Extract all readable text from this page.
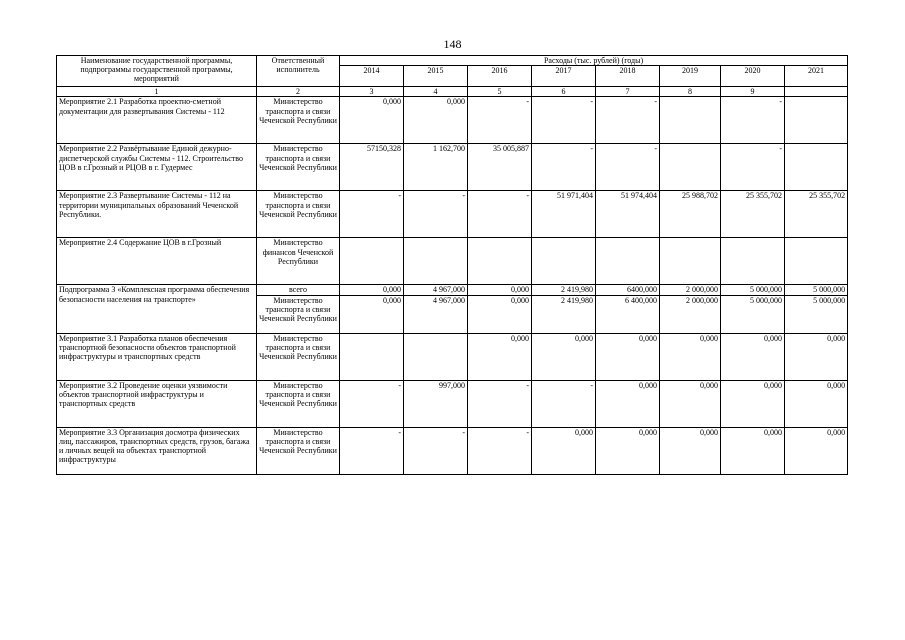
148
Наименование государственной программы, подпрограммы государственной программы, мероприятий	Ответственный исполнитель	Расходы (тыс. рублей) (годы)							
		2014	2015	2016	2017	2018	2019	2020	2021
1	2	3	4	5	6	7	8	9	
Мероприятие 2.1 Разработка проектно-сметной документации для развертывания Системы - 112	Министерство транспорта и связи Чеченской Республики	0,000	0,000	-	-	-		-	
Мероприятие 2.2 Развёртывание Единой дежурно-диспетчерской службы Системы - 112. Строительство ЦОВ в г.Грозный и РЦОВ в г. Гудермес	Министерство транспорта и связи Чеченской Республики	57150,328	1 162,700	35 005,887	-	-		-	
Мероприятие 2.3 Развертывание Системы - 112 на территории муниципальных образований Чеченской Республики.	Министерство транспорта и связи Чеченской Республики	-	-	-	51 971,404	51 974,404	25 988,702	25 355,702	25 355,702
Мероприятие 2.4 Содержание ЦОВ в г.Грозный	Министерство финансов Чеченской Республики								
Подпрограмма 3 «Комплексная программа обеспечения безопасности населения на транспорте»	всего	0,000	4 967,000	0,000	2 419,980	6400,000	2 000,000	5 000,000	5 000,000
	Министерство транспорта и связи Чеченской Республики	0,000	4 967,000	0,000	2 419,980	6 400,000	2 000,000	5 000,000	5 000,000
Мероприятие 3.1 Разработка планов обеспечения транспортной безопасности объектов транспортной инфраструктуры и транспортных средств	Министерство транспорта и связи Чеченской Республики			0,000	0,000	0,000	0,000	0,000	0,000
Мероприятие 3.2 Проведение оценки уязвимости объектов транспортной инфраструктуры и транспортных средств	Министерство транспорта и связи Чеченской Республики	-	997,000	-	-	0,000	0,000	0,000	0,000
Мероприятие 3.3 Организация досмотра физических лиц, пассажиров, транспортных средств, грузов, багажа и личных вещей на объектах транспортной инфраструктуры	Министерство транспорта и связи Чеченской Республики	-	-	-	0,000	0,000	0,000	0,000	0,000
